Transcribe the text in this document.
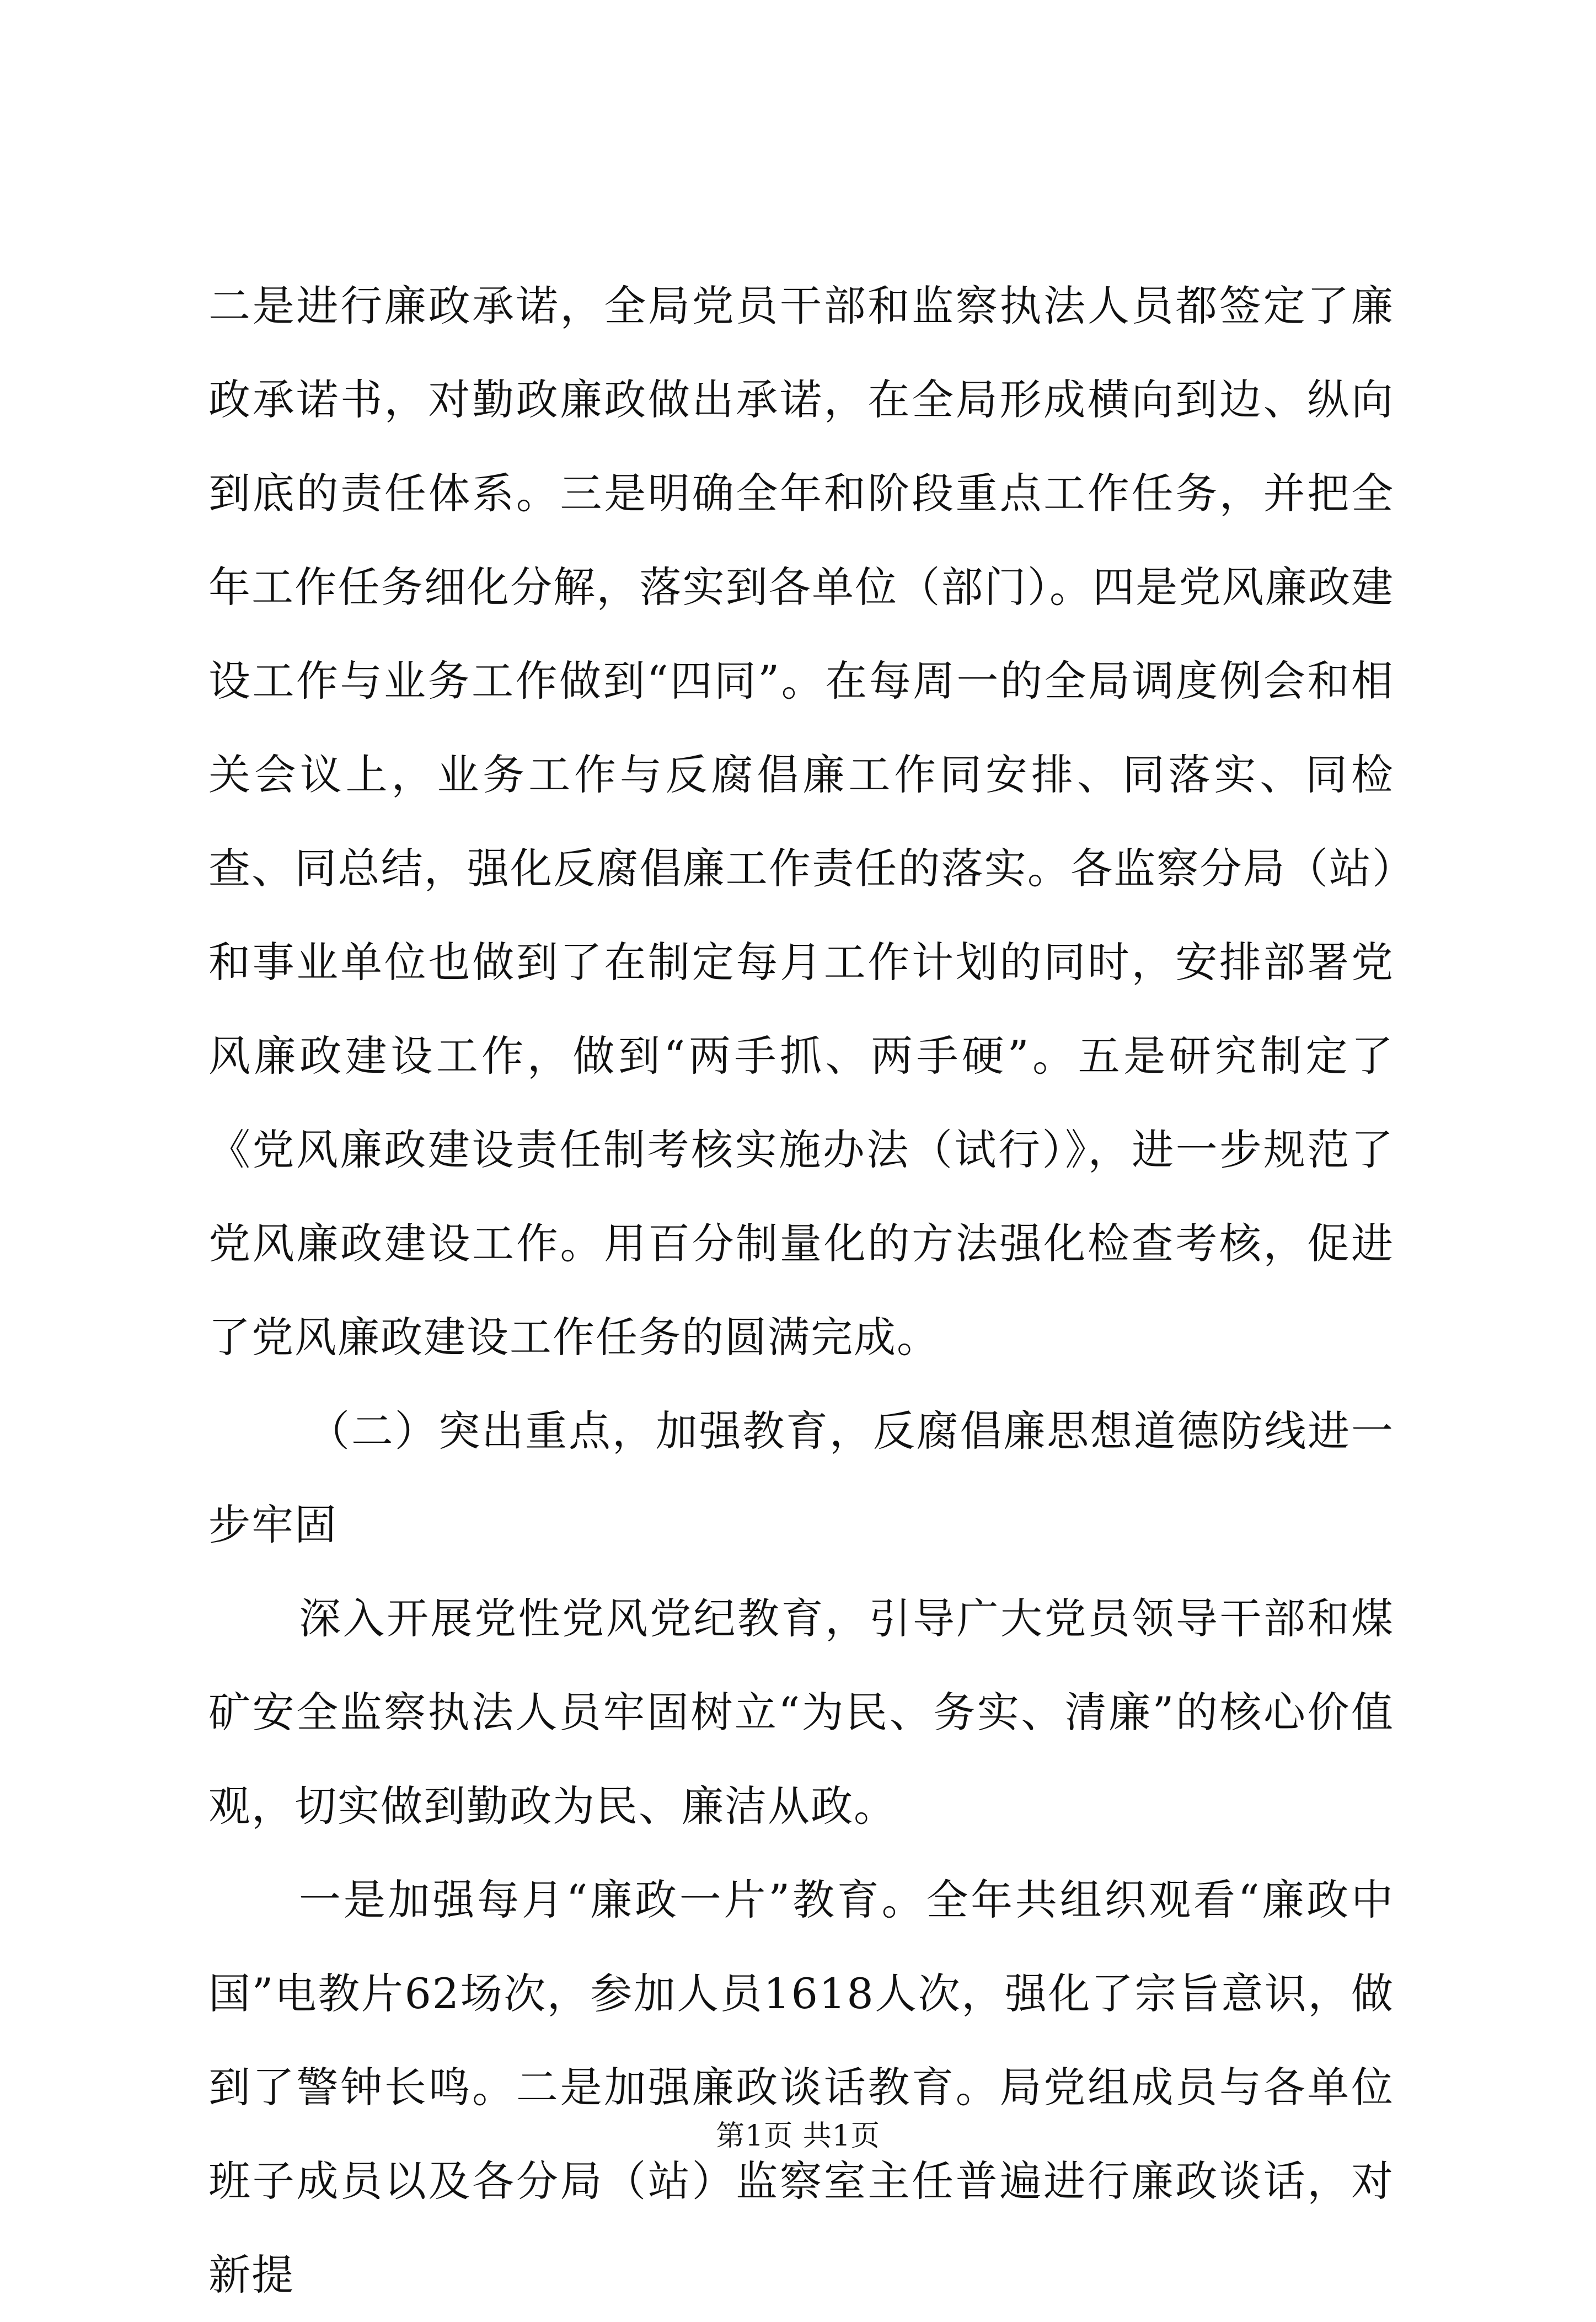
二是进行廉政承诺，全局党员干部和监察执法人员都签定了廉政承诺书，对勤政廉政做出承诺，在全局形成横向到边、纵向到底的责任体系。三是明确全年和阶段重点工作任务，并把全年工作任务细化分解，落实到各单位（部门）。四是党风廉政建设工作与业务工作做到“四同”。在每周一的全局调度例会和相关会议上，业务工作与反腐倡廉工作同安排、同落实、同检查、同总结，强化反腐倡廉工作责任的落实。各监察分局（站）和事业单位也做到了在制定每月工作计划的同时，安排部署党风廉政建设工作，做到“两手抓、两手硬”。五是研究制定了《党风廉政建设责任制考核实施办法（试行）》，进一步规范了党风廉政建设工作。用百分制量化的方法强化检查考核，促进了党风廉政建设工作任务的圆满完成。

（二）突出重点，加强教育，反腐倡廉思想道德防线进一步牢固

深入开展党性党风党纪教育，引导广大党员领导干部和煤矿安全监察执法人员牢固树立“为民、务实、清廉”的核心价值观，切实做到勤政为民、廉洁从政。

一是加强每月“廉政一片”教育。全年共组织观看“廉政中国”电教片62场次，参加人员1618人次，强化了宗旨意识，做到了警钟长鸣。二是加强廉政谈话教育。局党组成员与各单位班子成员以及各分局（站）监察室主任普遍进行廉政谈话，对新提

第1页 共1页
